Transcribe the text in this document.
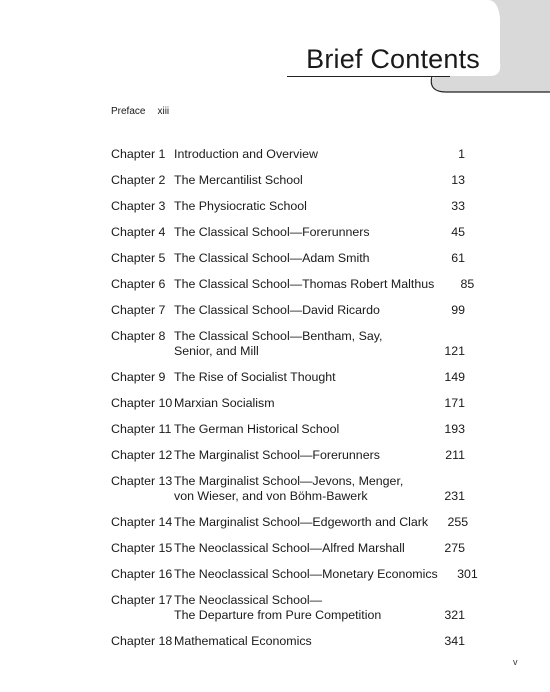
Brief Contents
Preface xiii
Chapter 1 Introduction and Overview	1
Chapter 2 The Mercantilist School	13
Chapter 3 The Physiocratic School	33
Chapter 4 The Classical School—Forerunners	45
Chapter 5 The Classical School—Adam Smith	61
Chapter 6 The Classical School—Thomas Robert Malthus	85
Chapter 7 The Classical School—David Ricardo	99
Chapter 8 The Classical School—Bentham, Say,
Senior, and Mill	121
Chapter 9 The Rise of Socialist Thought	149
Chapter 10 Marxian Socialism	171
Chapter 11 The German Historical School	193
Chapter 12 The Marginalist School—Forerunners	211
Chapter 13 The Marginalist School—Jevons, Menger,
von Wieser, and von Böhm-Bawerk	231
Chapter 14 The Marginalist School—Edgeworth and Clark	255
Chapter 15 The Neoclassical School—Alfred Marshall	275
Chapter 16 The Neoclassical School—Monetary Economics	301
Chapter 17 The Neoclassical School—
The Departure from Pure Competition	321
Chapter 18 Mathematical Economics	341
v
